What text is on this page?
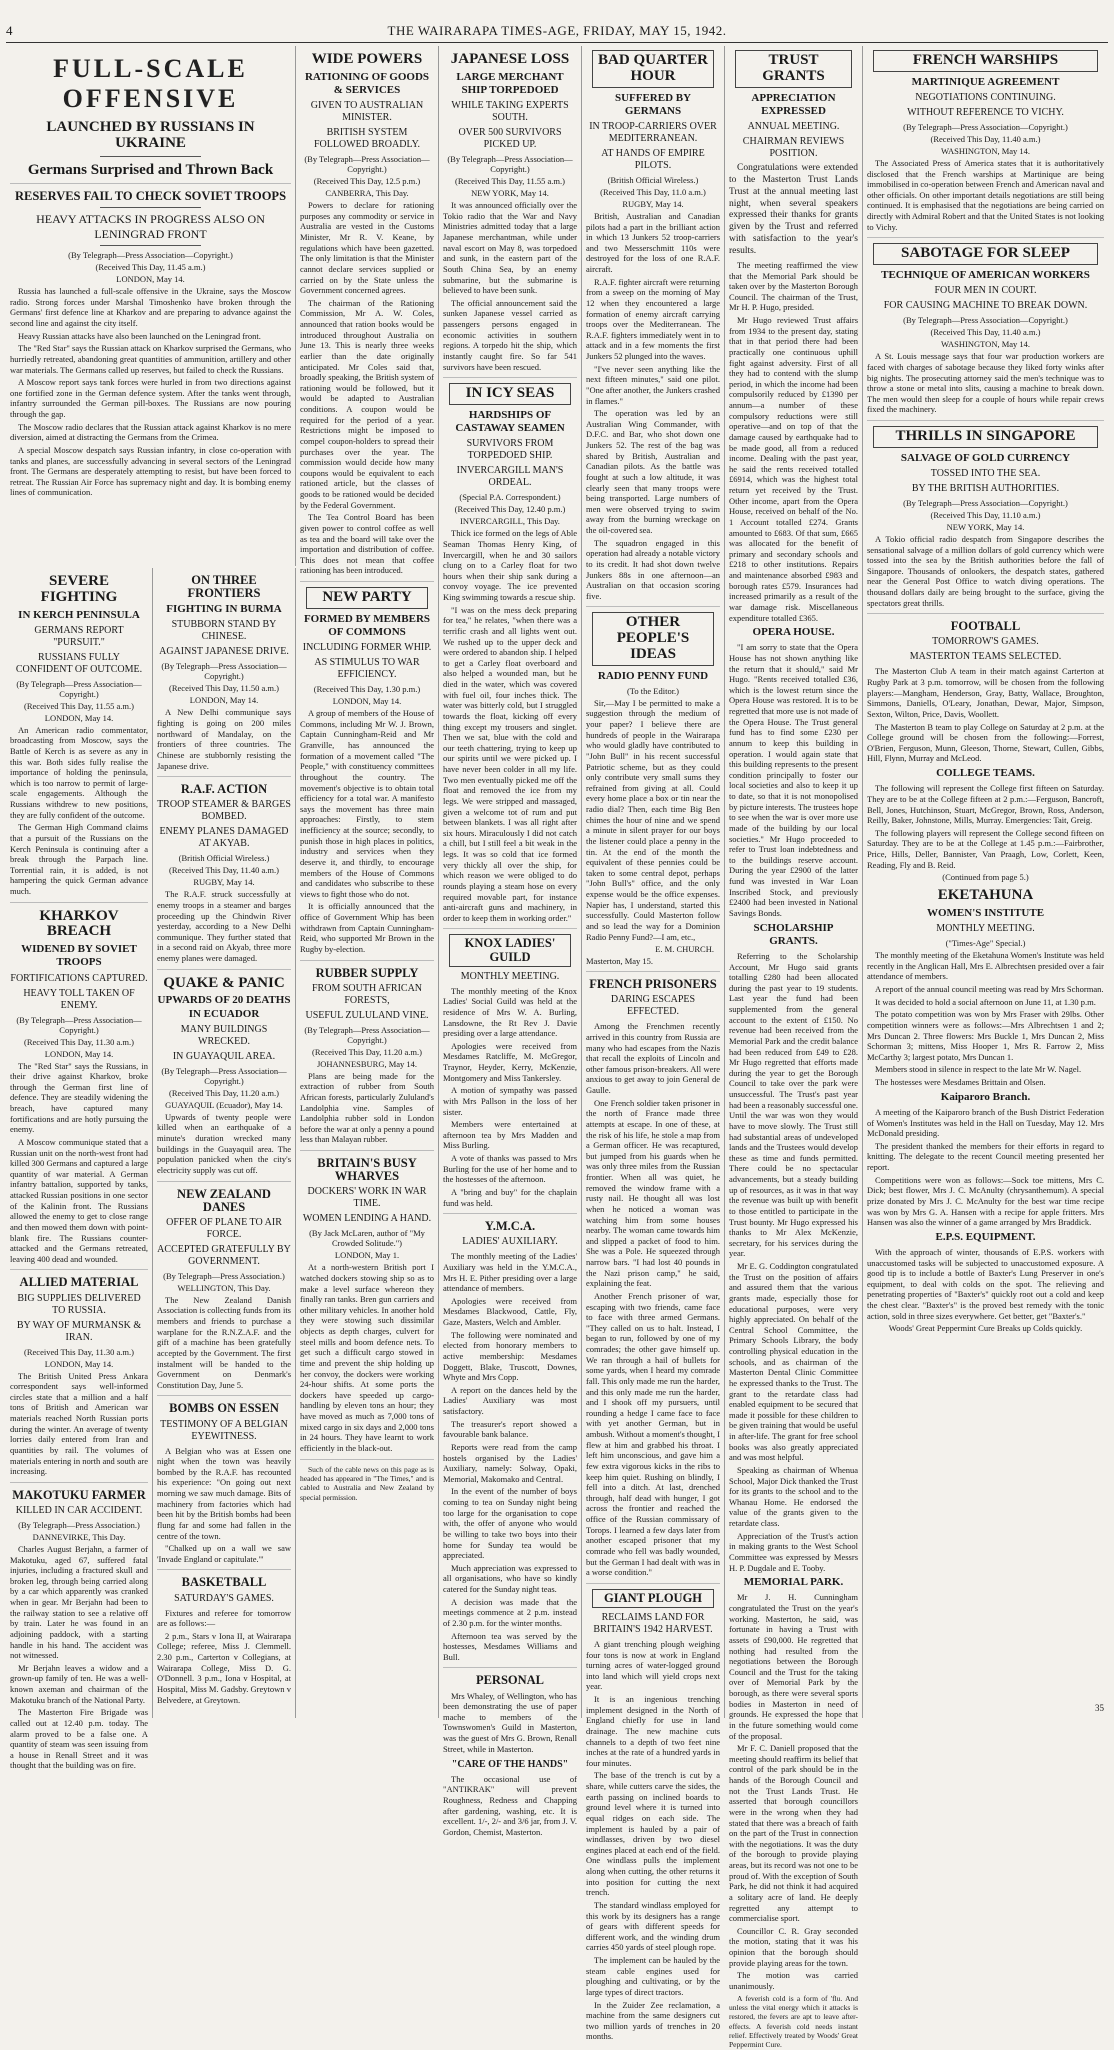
4	THE WAIRARAPA TIMES-AGE, FRIDAY, MAY 15, 1942.
FULL-SCALE OFFENSIVE
LAUNCHED BY RUSSIANS IN UKRAINE
Germans Surprised and Thrown Back
RESERVES FAIL TO CHECK SOVIET TROOPS
HEAVY ATTACKS IN PROGRESS ALSO ON LENINGRAD FRONT
(By Telegraph—Press Association—Copyright.)
(Received This Day, 11.45 a.m.)
LONDON, May 14.

Russia has launched a full-scale offensive in the Ukraine, says the Moscow radio. Strong forces under Marshal Timoshenko have broken through the Germans' first defence line at Kharkov and are preparing to advance against the second line and against the city itself.

Heavy Russian attacks have also been launched on the Leningrad front.

The "Red Star" says the Russian attack on Kharkov surprised the Germans, who hurriedly retreated, abandoning great quantities of ammunition, artillery and other war materials. The Germans called up reserves, but failed to check the Russians.

A Moscow report says tank forces were hurled in from two directions against one fortified zone in the German defence system. After the tanks went through, infantry surrounded the German pill-boxes. The Russians are now pouring through the gap.

The Moscow radio declares that the Russian attack against Kharkov is no mere diversion, aimed at distracting the Germans from the Crimea.

A special Moscow despatch says Russian infantry, in close co-operation with tanks and planes, are successfully advancing in several sectors of the Leningrad front. The Germans are desperately attempting to resist, but have been forced to retreat. The Russian Air Force has supremacy night and day. It is bombing enemy lines of communication.

SEVERE FIGHTING
IN KERCH PENINSULA
GERMANS REPORT "PURSUIT."
RUSSIANS FULLY CONFIDENT OF OUTCOME.
(By Telegraph—Press Association—Copyright.)
(Received This Day, 11.55 a.m.)
LONDON, May 14.

An American radio commentator, broadcasting from Moscow, says the Battle of Kerch is as severe as any in this war. Both sides fully realise the importance of holding the peninsula, which is too narrow to permit of large-scale engagements. Although the Russians withdrew to new positions, they are fully confident of the outcome.

The German High Command claims that a pursuit of the Russians on the Kerch Peninsula is continuing after a break through the Parpach line. Torrential rain, it is added, is not hampering the quick German advance much.

KHARKOV BREACH
WIDENED BY SOVIET TROOPS
FORTIFICATIONS CAPTURED.
HEAVY TOLL TAKEN OF ENEMY.
(By Telegraph—Press Association—Copyright.)
(Received This Day, 11.30 a.m.)
LONDON, May 14.

The "Red Star" says the Russians, in their drive against Kharkov, broke through the German first line of defence. They are steadily widening the breach, have captured many fortifications and are hotly pursuing the enemy.

A Moscow communique stated that a Russian unit on the north-west front had killed 300 Germans and captured a large quantity of war material. A German infantry battalion, supported by tanks, attacked Russian positions in one sector of the Kalinin front. The Russians allowed the enemy to get to close range and then mowed them down with point-blank fire. The Russians counter-attacked and the Germans retreated, leaving 400 dead and wounded.

ALLIED MATERIAL
BIG SUPPLIES DELIVERED TO RUSSIA.
BY WAY OF MURMANSK & IRAN.
(Received This Day, 11.30 a.m.)
LONDON, May 14.

The British United Press Ankara correspondent says well-informed circles state that a million and a half tons of British and American war materials reached North Russian ports during the winter. An average of twenty lorries daily entered from Iran and quantities by rail. The volumes of materials entering in north and south are increasing.

MAKOTUKU FARMER
KILLED IN CAR ACCIDENT.
(By Telegraph—Press Association.)
DANNEVIRKE, This Day.

Charles August Berjahn, a farmer of Makotuku, aged 67, suffered fatal injuries, including a fractured skull and broken leg, through being carried along by a car which apparently was cranked when in gear. Mr Berjahn had been to the railway station to see a relative off by train. Later he was found in an adjoining paddock, with a starting handle in his hand. The accident was not witnessed.

Mr Berjahn leaves a widow and a grown-up family of ten. He was a well-known axeman and chairman of the Makotuku branch of the National Party.

The Masterton Fire Brigade was called out at 12.40 p.m. today. The alarm proved to be a false one. A quantity of steam was seen issuing from a house in Renall Street and it was thought that the building was on fire.

ON THREE FRONTIERS
FIGHTING IN BURMA
STUBBORN STAND BY CHINESE.
AGAINST JAPANESE DRIVE.
(By Telegraph—Press Association—Copyright.)
(Received This Day, 11.50 a.m.)
LONDON, May 14.

A New Delhi communique says fighting is going on 200 miles northward of Mandalay, on the frontiers of three countries. The Chinese are stubbornly resisting the Japanese drive.

R.A.F. ACTION
TROOP STEAMER & BARGES BOMBED.
ENEMY PLANES DAMAGED AT AKYAB.
(British Official Wireless.)
(Received This Day, 11.40 a.m.)
RUGBY, May 14.

The R.A.F. struck successfully at enemy troops in a steamer and barges proceeding up the Chindwin River yesterday, according to a New Delhi communique. They further stated that in a second raid on Akyab, three more enemy planes were damaged.

QUAKE & PANIC
UPWARDS OF 20 DEATHS IN ECUADOR
MANY BUILDINGS WRECKED.
IN GUAYAQUIL AREA.
(By Telegraph—Press Association—Copyright.)
(Received This Day, 11.20 a.m.)
GUAYAQUIL (Ecuador), May 14.

Upwards of twenty people were killed when an earthquake of a minute's duration wrecked many buildings in the Guayaquil area. The population panicked when the city's electricity supply was cut off.

NEW ZEALAND DANES
OFFER OF PLANE TO AIR FORCE.
ACCEPTED GRATEFULLY BY GOVERNMENT.
(By Telegraph—Press Association.)
WELLINGTON, This Day.

The New Zealand Danish Association is collecting funds from its members and friends to purchase a warplane for the R.N.Z.A.F. and the gift of a machine has been gratefully accepted by the Government. The first instalment will be handed to the Government on Denmark's Constitution Day, June 5.

BOMBS ON ESSEN
TESTIMONY OF A BELGIAN EYEWITNESS.

A Belgian who was at Essen one night when the town was heavily bombed by the R.A.F. has recounted his experience: "On going out next morning we saw much damage. Bits of machinery from factories which had been hit by the British bombs had been flung far and some had fallen in the centre of the town.

"Chalked up on a wall we saw 'Invade England or capitulate.'"

BASKETBALL
SATURDAY'S GAMES.

Fixtures and referee for tomorrow are as follows:—

2 p.m., Stars v Iona II, at Wairarapa College; referee, Miss J. Clemmell. 2.30 p.m., Carterton v Collegians, at Wairarapa College, Miss D. G. O'Donnell. 3 p.m., Iona v Hospital, at Hospital, Miss M. Gadsby. Greytown v Belvedere, at Greytown.

WIDE POWERS
RATIONING OF GOODS & SERVICES
GIVEN TO AUSTRALIAN MINISTER.
BRITISH SYSTEM FOLLOWED BROADLY.
(By Telegraph—Press Association—Copyright.)
(Received This Day, 12.5 p.m.)
CANBERRA, This Day.

Powers to declare for rationing purposes any commodity or service in Australia are vested in the Customs Minister, Mr R. V. Keane, by regulations which have been gazetted. The only limitation is that the Minister cannot declare services supplied or carried on by the State unless the Government concerned agrees.

The chairman of the Rationing Commission, Mr A. W. Coles, announced that ration books would be introduced throughout Australia on June 13. This is nearly three weeks earlier than the date originally anticipated. Mr Coles said that, broadly speaking, the British system of rationing would be followed, but it would be adapted to Australian conditions. A coupon would be required for the period of a year. Restrictions might be imposed to compel coupon-holders to spread their purchases over the year. The commission would decide how many coupons would be equivalent to each rationed article, but the classes of goods to be rationed would be decided by the Federal Government.

The Tea Control Board has been given power to control coffee as well as tea and the board will take over the importation and distribution of coffee. This does not mean that coffee rationing has been introduced.

NEW PARTY
FORMED BY MEMBERS OF COMMONS
INCLUDING FORMER WHIP.
AS STIMULUS TO WAR EFFICIENCY.
(Received This Day, 1.30 p.m.)
LONDON, May 14.

A group of members of the House of Commons, including Mr W. J. Brown, Captain Cunningham-Reid and Mr Granville, has announced the formation of a movement called "The People," with constituency committees throughout the country. The movement's objective is to obtain total efficiency for a total war. A manifesto says the movement has three main approaches: Firstly, to stem inefficiency at the source; secondly, to punish those in high places in politics, industry and services when they deserve it, and thirdly, to encourage members of the House of Commons and candidates who subscribe to these views to fight those who do not.

It is officially announced that the office of Government Whip has been withdrawn from Captain Cunningham-Reid, who supported Mr Brown in the Rugby by-election.

RUBBER SUPPLY
FROM SOUTH AFRICAN FORESTS,
USEFUL ZULULAND VINE.
(By Telegraph—Press Association—Copyright.)
(Received This Day, 11.20 a.m.)
JOHANNESBURG, May 14.

Plans are being made for the extraction of rubber from South African forests, particularly Zululand's Landolphia vine. Samples of Landolphia rubber sold in London before the war at only a penny a pound less than Malayan rubber.

BRITAIN'S BUSY WHARVES
DOCKERS' WORK IN WAR TIME.
WOMEN LENDING A HAND.
(By Jack McLaren, author of "My Crowded Solitude.")
LONDON, May 1.

At a north-western British port I watched dockers stowing ship so as to make a level surface whereon they finally ran tanks. Bren gun carriers and other military vehicles. In another hold they were stowing such dissimilar objects as depth charges, culvert for steel mills and boom defence nets. To get such a difficult cargo stowed in time and prevent the ship holding up her convoy, the dockers were working 24-hour shifts. At some ports the dockers have speeded up cargo-handling by eleven tons an hour; they have moved as much as 7,000 tons of mixed cargo in six days and 2,000 tons in 24 hours. They have learnt to work efficiently in the black-out.

Such of the cable news on this page as is headed has appeared in "The Times," and is cabled to Australia and New Zealand by special permission.

JAPANESE LOSS
LARGE MERCHANT SHIP TORPEDOED
WHILE TAKING EXPERTS SOUTH.
OVER 500 SURVIVORS PICKED UP.
(By Telegraph—Press Association—Copyright.)
(Received This Day, 11.55 a.m.)
NEW YORK, May 14.

It was announced officially over the Tokio radio that the War and Navy Ministries admitted today that a large Japanese merchantman, while under naval escort on May 8, was torpedoed and sunk, in the eastern part of the South China Sea, by an enemy submarine, but the submarine is believed to have been sunk.

The official announcement said the sunken Japanese vessel carried as passengers persons engaged in economic activities in southern regions. A torpedo hit the ship, which instantly caught fire. So far 541 survivors have been rescued.

IN ICY SEAS
HARDSHIPS OF CASTAWAY SEAMEN
SURVIVORS FROM TORPEDOED SHIP.
INVERCARGILL MAN'S ORDEAL.
(Special P.A. Correspondent.)
(Received This Day, 12.40 p.m.)
INVERCARGILL, This Day.

Thick ice formed on the legs of Able Seaman Thomas Henry King, of Invercargill, when he and 30 sailors clung on to a Carley float for two hours when their ship sank during a convoy voyage. The ice prevented King swimming towards a rescue ship.

"I was on the mess deck preparing for tea," he relates, "when there was a terrific crash and all lights went out. We rushed up to the upper deck and were ordered to abandon ship. I helped to get a Carley float overboard and also helped a wounded man, but he died in the water, which was covered with fuel oil, four inches thick. The water was bitterly cold, but I struggled towards the float, kicking off every thing except my trousers and singlet. Then we sat, blue with the cold and our teeth chattering, trying to keep up our spirits until we were picked up. I have never been colder in all my life. Two men eventually picked me off the float and removed the ice from my legs. We were stripped and massaged, given a welcome tot of rum and put between blankets. I was all right after six hours. Miraculously I did not catch a chill, but I still feel a bit weak in the legs. It was so cold that ice formed very thickly all over the ship, for which reason we were obliged to do rounds playing a steam hose on every required movable part, for instance anti-aircraft guns and machinery, in order to keep them in working order."

KNOX LADIES' GUILD
MONTHLY MEETING.

The monthly meeting of the Knox Ladies' Social Guild was held at the residence of Mrs W. A. Burling, Lansdowne, the Rt Rev J. Davie presiding over a large attendance.

Apologies were received from Mesdames Ratcliffe, M. McGregor, Traynor, Heyder, Kerry, McKenzie, Montgomery and Miss Tankersley.

A motion of sympathy was passed with Mrs Pallson in the loss of her sister.

Members were entertained at afternoon tea by Mrs Madden and Miss Burling.

A vote of thanks was passed to Mrs Burling for the use of her home and to the hostesses of the afternoon.

A "bring and buy" for the chaplain fund was held.

Y.M.C.A.
LADIES' AUXILIARY.

The monthly meeting of the Ladies' Auxiliary was held in the Y.M.C.A., Mrs H. E. Pither presiding over a large attendance of members.

Apologies were received from Mesdames Blackwood, Cattle, Fly, Gaze, Masters, Welch and Ambler.

The following were nominated and elected from honorary members to active membership: Mesdames Doggett, Blake, Truscott, Downes, Whyte and Mrs Copp.

A report on the dances held by the Ladies' Auxiliary was most satisfactory.

The treasurer's report showed a favourable bank balance.

Reports were read from the camp hostels organised by the Ladies' Auxiliary, namely: Solway, Opaki, Memorial, Makomako and Central.

In the event of the number of boys coming to tea on Sunday night being too large for the organisation to cope with, the offer of anyone who would be willing to take two boys into their home for Sunday tea would be appreciated.

Much appreciation was expressed to all organisations, who have so kindly catered for the Sunday night teas.

A decision was made that the meetings commence at 2 p.m. instead of 2.30 p.m. for the winter months.

Afternoon tea was served by the hostesses, Mesdames Williams and Bull.

PERSONAL

Mrs Whaley, of Wellington, who has been demonstrating the use of paper mache to members of the Townswomen's Guild in Masterton, was the guest of Mrs G. Brown, Renall Street, while in Masterton.

"CARE OF THE HANDS"

The occasional use of "ANTIKRAK" will prevent Roughness, Redness and Chapping after gardening, washing, etc. It is excellent. 1/-, 2/- and 3/6 jar, from J. V. Gordon, Chemist, Masterton.

BAD QUARTER HOUR
SUFFERED BY GERMANS
IN TROOP-CARRIERS OVER MEDITERRANEAN.
AT HANDS OF EMPIRE PILOTS.
(British Official Wireless.)
(Received This Day, 11.0 a.m.)
RUGBY, May 14.

British, Australian and Canadian pilots had a part in the brilliant action in which 13 Junkers 52 troop-carriers and two Messerschmitt 110s were destroyed for the loss of one R.A.F. aircraft.

R.A.F. fighter aircraft were returning from a sweep on the morning of May 12 when they encountered a large formation of enemy aircraft carrying troops over the Mediterranean. The R.A.F. fighters immediately went in to attack and in a few moments the first Junkers 52 plunged into the waves.

"I've never seen anything like the next fifteen minutes," said one pilot. "One after another, the Junkers crashed in flames."

The operation was led by an Australian Wing Commander, with D.F.C. and Bar, who shot down one Junkers 52. The rest of the bag was shared by British, Australian and Canadian pilots. As the battle was fought at such a low altitude, it was clearly seen that many troops were being transported. Large numbers of men were observed trying to swim away from the burning wreckage on the oil-covered sea.

The squadron engaged in this operation had already a notable victory to its credit. It had shot down twelve Junkers 88s in one afternoon—an Australian on that occasion scoring five.

OTHER PEOPLE'S IDEAS
RADIO PENNY FUND
(To the Editor.)

Sir,—May I be permitted to make a suggestion through the medium of your paper? I believe there are hundreds of people in the Wairarapa who would gladly have contributed to "John Bull" in his recent successful Patriotic scheme, but as they could only contribute very small sums they refrained from giving at all. Could every home place a box or tin near the radio dial? Then, each time Big Ben chimes the hour of nine and we spend a minute in silent prayer for our boys the listener could place a penny in the tin. At the end of the month the equivalent of these pennies could be taken to some central depot, perhaps "John Bull's" office, and the only expense would be the office expenses. Napier has, I understand, started this successfully. Could Masterton follow and so lead the way for a Dominion Radio Penny Fund?—I am, etc.,

E. M. CHURCH.
Masterton, May 15.
FRENCH PRISONERS
DARING ESCAPES EFFECTED.

Among the Frenchmen recently arrived in this country from Russia are many who had escapes from the Nazis that recall the exploits of Lincoln and other famous prison-breakers. All were anxious to get away to join General de Gaulle.

One French soldier taken prisoner in the north of France made three attempts at escape. In one of these, at the risk of his life, he stole a map from a German officer. He was recaptured, but jumped from his guards when he was only three miles from the Russian frontier. When all was quiet, he removed the window frame with a rusty nail. He thought all was lost when he noticed a woman was watching him from some houses nearby. The woman came towards him and slipped a packet of food to him. She was a Pole. He squeezed through narrow bars. "I had lost 40 pounds in the Nazi prison camp," he said, explaining the feat.

Another French prisoner of war, escaping with two friends, came face to face with three armed Germans. "They called on us to halt. Instead, I began to run, followed by one of my comrades; the other gave himself up. We ran through a hail of bullets for some yards, when I heard my comrade fall. This only made me run the harder, and this only made me run the harder, and I shook off my pursuers, until rounding a hedge I came face to face with yet another German, but in ambush. Without a moment's thought, I flew at him and grabbed his throat. I left him unconscious, and gave him a few extra vigorous kicks in the ribs to keep him quiet. Rushing on blindly, I fell into a ditch. At last, drenched through, half dead with hunger, I got across the frontier and reached the office of the Russian commissary of Torops. I learned a few days later from another escaped prisoner that my comrade who fell was badly wounded, but the German I had dealt with was in a worse condition."

GIANT PLOUGH
RECLAIMS LAND FOR BRITAIN'S 1942 HARVEST.

A giant trenching plough weighing four tons is now at work in England turning acres of water-logged ground into land which will yield crops next year.

It is an ingenious trenching implement designed in the North of England chiefly for use in land drainage. The new machine cuts channels to a depth of two feet nine inches at the rate of a hundred yards in four minutes.

The base of the trench is cut by a share, while cutters carve the sides, the earth passing on inclined boards to ground level where it is turned into equal ridges on each side. The implement is hauled by a pair of windlasses, driven by two diesel engines placed at each end of the field. One windlass pulls the implement along when cutting, the other returns it into position for cutting the next trench.

The standard windlass employed for this work by its designers has a range of gears with different speeds for different work, and the winding drum carries 450 yards of steel plough rope.

The implement can be hauled by the steam cable engines used for ploughing and cultivating, or by the large types of direct tractors.

In the Zuider Zee reclamation, a machine from the same designers cut two million yards of trenches in 20 months.

TRUST GRANTS
APPRECIATION EXPRESSED
ANNUAL MEETING.
CHAIRMAN REVIEWS POSITION.

Congratulations were extended to the Masterton Trust Lands Trust at the annual meeting last night, when several speakers expressed their thanks for grants given by the Trust and referred with satisfaction to the year's results.

The meeting reaffirmed the view that the Memorial Park should be taken over by the Masterton Borough Council. The chairman of the Trust, Mr H. P. Hugo, presided.

Mr Hugo reviewed Trust affairs from 1934 to the present day, stating that in that period there had been practically one continuous uphill fight against adversity. First of all they had to contend with the slump period, in which the income had been compulsorily reduced by £1390 per annum—a number of these compulsory reductions were still operative—and on top of that the damage caused by earthquake had to be made good, all from a reduced income. Dealing with the past year, he said the rents received totalled £6914, which was the highest total return yet received by the Trust. Other income, apart from the Opera House, received on behalf of the No. 1 Account totalled £274. Grants amounted to £683. Of that sum, £665 was allocated for the benefit of primary and secondary schools and £218 to other institutions. Repairs and maintenance absorbed £983 and borough rates £579. Insurances had increased primarily as a result of the war damage risk. Miscellaneous expenditure totalled £365.

OPERA HOUSE.

"I am sorry to state that the Opera House has not shown anything like the return that it should," said Mr Hugo. "Rents received totalled £36, which is the lowest return since the Opera House was restored. It is to be regretted that more use is not made of the Opera House. The Trust general fund has to find some £230 per annum to keep this building in operation. I would again state that this building represents to the present condition principally to foster our local societies and also to keep it up to date, so that it is not monopolised by picture interests. The trustees hope to see when the war is over more use made of the building by our local societies." Mr Hugo proceeded to refer to Trust loan indebtedness and to the buildings reserve account. During the year £2900 of the latter fund was invested in War Loan Inscribed Stock, and previously £2400 had been invested in National Savings Bonds.

SCHOLARSHIP GRANTS.

Referring to the Scholarship Account, Mr Hugo said grants totalling £280 had been allocated during the past year to 19 students. Last year the fund had been supplemented from the general account to the extent of £150. No revenue had been received from the Memorial Park and the credit balance had been reduced from £49 to £28. Mr Hugo regretted that efforts made during the year to get the Borough Council to take over the park were unsuccessful. The Trust's past year had been a reasonably successful one. Until the war was won they would have to move slowly. The Trust still had substantial areas of undeveloped lands and the Trustees would develop these as time and funds permitted. There could be no spectacular advancements, but a steady building up of resources, as it was in that way the revenue was built up with benefit to those entitled to participate in the Trust bounty. Mr Hugo expressed his thanks to Mr Alex McKenzie, secretary, for his services during the year.

Mr E. G. Coddington congratulated the Trust on the position of affairs and assured them that the various grants made, especially those for educational purposes, were very highly appreciated. On behalf of the Central School Committee, the Primary Schools Library, the body controlling physical education in the schools, and as chairman of the Masterton Dental Clinic Committee he expressed thanks to the Trust. The grant to the retardate class had enabled equipment to be secured that made it possible for these children to be given training that would be useful in after-life. The grant for free school books was also greatly appreciated and was most helpful.

Speaking as chairman of Whenua School, Major Dick thanked the Trust for its grants to the school and to the Whanau Home. He endorsed the value of the grants given to the retardate class.

Appreciation of the Trust's action in making grants to the West School Committee was expressed by Messrs H. P. Dugdale and E. Tooby.

MEMORIAL PARK.

Mr J. H. Cunningham congratulated the Trust on the year's working. Masterton, he said, was fortunate in having a Trust with assets of £90,000. He regretted that nothing had resulted from the negotiations between the Borough Council and the Trust for the taking over of Memorial Park by the borough, as there were several sports bodies in Masterton in need of grounds. He expressed the hope that in the future something would come of the proposal.

Mr F. C. Daniell proposed that the meeting should reaffirm its belief that control of the park should be in the hands of the Borough Council and not the Trust Lands Trust. He asserted that borough councillors were in the wrong when they had stated that there was a breach of faith on the part of the Trust in connection with the negotiations. It was the duty of the borough to provide playing areas, but its record was not one to be proud of. With the exception of South Park, he did not think it had acquired a solitary acre of land. He deeply regretted any attempt to commercialise sport.

Councillor C. R. Gray seconded the motion, stating that it was his opinion that the borough should provide playing areas for the town.

The motion was carried unanimously.

A feverish cold is a form of 'flu. And unless the vital energy which it attacks is restored, the fevers are apt to leave after-effects. A feverish cold needs instant relief. Effectively treated by Woods' Great Peppermint Cure.

FRENCH WARSHIPS
MARTINIQUE AGREEMENT
NEGOTIATIONS CONTINUING.
WITHOUT REFERENCE TO VICHY.
(By Telegraph—Press Association—Copyright.)
(Received This Day, 11.40 a.m.)
WASHINGTON, May 14.

The Associated Press of America states that it is authoritatively disclosed that the French warships at Martinique are being immobilised in co-operation between French and American naval and other officials. On other important details negotiations are still being continued. It is emphasised that the negotiations are being carried on directly with Admiral Robert and that the United States is not looking to Vichy.

SABOTAGE FOR SLEEP
TECHNIQUE OF AMERICAN WORKERS
FOUR MEN IN COURT.
FOR CAUSING MACHINE TO BREAK DOWN.
(By Telegraph—Press Association—Copyright.)
(Received This Day, 11.40 a.m.)
WASHINGTON, May 14.

A St. Louis message says that four war production workers are faced with charges of sabotage because they liked forty winks after big nights. The prosecuting attorney said the men's technique was to throw a stone or metal into slits, causing a machine to break down. The men would then sleep for a couple of hours while repair crews fixed the machinery.

THRILLS IN SINGAPORE
SALVAGE OF GOLD CURRENCY
TOSSED INTO THE SEA.
BY THE BRITISH AUTHORITIES.
(By Telegraph—Press Association—Copyright.)
(Received This Day, 11.10 a.m.)
NEW YORK, May 14.

A Tokio official radio despatch from Singapore describes the sensational salvage of a million dollars of gold currency which were tossed into the sea by the British authorities before the fall of Singapore. Thousands of onlookers, the despatch states, gathered near the General Post Office to watch diving operations. The thousand dollars daily are being brought to the surface, giving the spectators great thrills.

FOOTBALL
TOMORROW'S GAMES.
MASTERTON TEAMS SELECTED.

The Masterton Club A team in their match against Carterton at Rugby Park at 3 p.m. tomorrow, will be chosen from the following players:—Mangham, Henderson, Gray, Batty, Wallace, Broughton, Simmons, Daniells, O'Leary, Jonathan, Dewar, Major, Simpson, Sexton, Wilton, Price, Davis, Woollett.

The Masterton B team to play College on Saturday at 2 p.m. at the College ground will be chosen from the following:—Forrest, O'Brien, Ferguson, Munn, Gleeson, Thorne, Stewart, Cullen, Gibbs, Hill, Flynn, Murray and McLeod.

COLLEGE TEAMS.

The following will represent the College first fifteen on Saturday. They are to be at the College fifteen at 2 p.m.:—Ferguson, Bancroft, Bell, Jones, Hutchinson, Stuart, McGregor, Brown, Ross, Anderson, Reilly, Baker, Johnstone, Mills, Murray. Emergencies: Tait, Greig.

The following players will represent the College second fifteen on Saturday. They are to be at the College at 1.45 p.m.:—Fairbrother, Price, Hills, Deller, Bannister, Van Praagh, Low, Corlett, Keen, Reading, Fly and B. Reid.

(Continued from page 5.)
EKETAHUNA
WOMEN'S INSTITUTE
MONTHLY MEETING.
("Times-Age" Special.)

The monthly meeting of the Eketahuna Women's Institute was held recently in the Anglican Hall, Mrs E. Albrechtsen presided over a fair attendance of members.

A report of the annual council meeting was read by Mrs Schorman.

It was decided to hold a social afternoon on June 11, at 1.30 p.m.

The potato competition was won by Mrs Fraser with 29lbs. Other competition winners were as follows:—Mrs Albrechtsen 1 and 2; Mrs Duncan 2. Three flowers: Mrs Buckle 1, Mrs Duncan 2, Miss Schorman 3; mittens, Miss Hooper 1, Mrs R. Farrow 2, Miss McCarthy 3; largest potato, Mrs Duncan 1.

Members stood in silence in respect to the late Mr W. Nagel.

The hostesses were Mesdames Brittain and Olsen.

Kaiparoro Branch.

A meeting of the Kaiparoro branch of the Bush District Federation of Women's Institutes was held in the Hall on Tuesday, May 12. Mrs McDonald presiding.

The president thanked the members for their efforts in regard to knitting. The delegate to the recent Council meeting presented her report.

Competitions were won as follows:—Sock toe mittens, Mrs C. Dick; best flower, Mrs J. C. McAnulty (chrysanthemum). A special prize donated by Mrs J. C. McAnulty for the best war time recipe was won by Mrs G. A. Hansen with a recipe for apple fritters. Mrs Hansen was also the winner of a game arranged by Mrs Braddick.

E.P.S. EQUIPMENT.

With the approach of winter, thousands of E.P.S. workers with unaccustomed tasks will be subjected to unaccustomed exposure. A good tip is to include a bottle of Baxter's Lung Preserver in one's equipment, to deal with colds on the spot. The relieving and penetrating properties of "Baxter's" quickly root out a cold and keep the chest clear. "Baxter's" is the proved best remedy with the tonic action, sold in three sizes everywhere. Get better, get "Baxter's."

Woods' Great Peppermint Cure Breaks up Colds quickly.
35
